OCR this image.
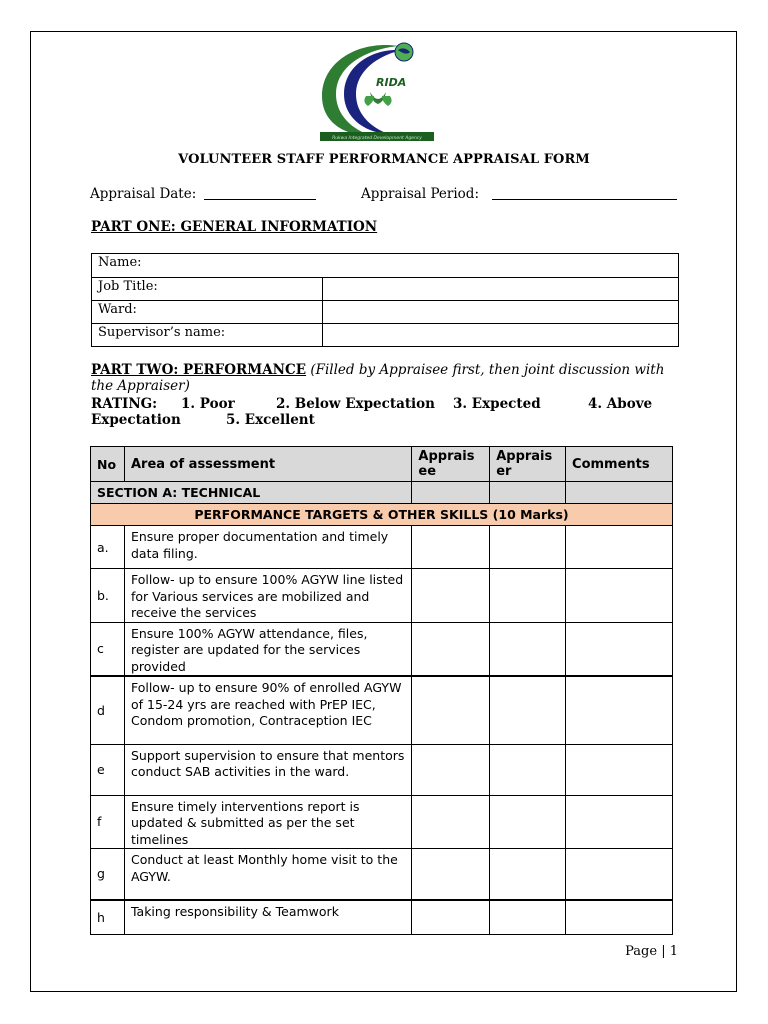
RIDA
Rukwa Integrated Development Agency
VOLUNTEER STAFF PERFORMANCE APPRAISAL FORM
Appraisal Date:	Appraisal Period:
PART ONE: GENERAL INFORMATION
Name:	
Job Title:	
Ward:	
Supervisor’s name:	
PART TWO: PERFORMANCE (Filled by Appraisee first, then joint discussion with the Appraiser)
RATING: 1. Poor	2. Below Expectation 3. Expected	4. Above
Expectation	5. Excellent
No	Area of assessment	Appraisee	Appraiser	Comments
SECTION A: TECHNICAL				
PERFORMANCE TARGETS & OTHER SKILLS (10 Marks)				
a.	Ensure proper documentation and timely data filing.			
b.	Follow- up to ensure 100% AGYW line listed for Various services are mobilized and receive the services			
c	Ensure 100% AGYW attendance, files, register are updated for the services provided			
d	Follow- up to ensure 90% of enrolled AGYW of 15-24 yrs are reached with PrEP IEC, Condom promotion, Contraception IEC			
e	Support supervision to ensure that mentors conduct SAB activities in the ward.			
f	Ensure timely interventions report is updated & submitted as per the set timelines			
g	Conduct at least Monthly home visit to the AGYW.			
h	Taking responsibility & Teamwork			
Page | 1
